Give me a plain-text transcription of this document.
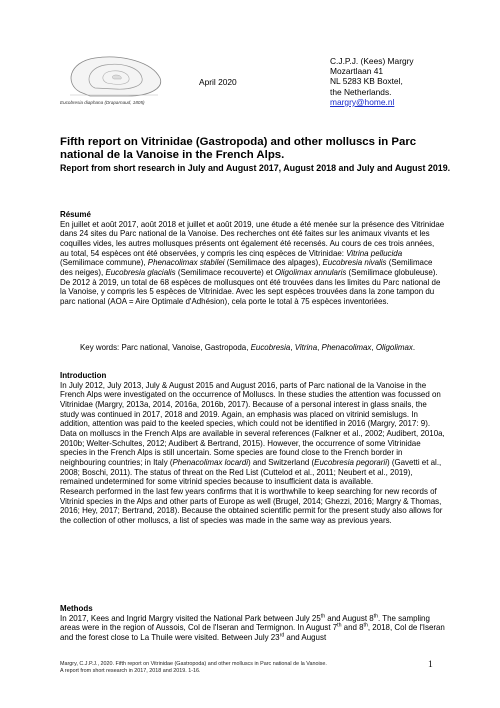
Eucobresia diaphana (Draparnaud, 1805)
April 2020
C.J.P.J. (Kees) Margry
Mozartlaan 41
NL 5283 KB Boxtel,
the Netherlands.
margry@home.nl
Fifth report on Vitrinidae (Gastropoda) and other molluscs in Parc national de la Vanoise in the French Alps.
Report from short research in July and August 2017, August 2018 and July and August 2019.

Résumé

En juillet et août 2017, août 2018 et juillet et août 2019, une étude a été menée sur la présence des Vitrinidae dans 24 sites du Parc national de la Vanoise. Des recherches ont été faites sur les animaux vivants et les coquilles vides, les autres mollusques présents ont également été recensés. Au cours de ces trois années, au total, 54 espèces ont été observées, y compris les cinq espèces de Vitrinidae: Vitrina pellucida (Semilimace commune), Phenacolimax stabilei (Semilimace des alpages), Eucobresia nivalis (Semilimace des neiges), Eucobresia glacialis (Semilimace recouverte) et Oligolimax annularis (Semilimace globuleuse).

De 2012 à 2019, un total de 68 espèces de mollusques ont été trouvées dans les limites du Parc national de la Vanoise, y compris les 5 espèces de Vitrinidae. Avec les sept espèces trouvées dans la zone tampon du parc national (AOA = Aire Optimale d'Adhésion), cela porte le total à 75 espèces inventoriées.

Key words: Parc national, Vanoise, Gastropoda, Eucobresia, Vitrina, Phenacolimax, Oligolimax.

Introduction

In July 2012, July 2013, July & August 2015 and August 2016, parts of Parc national de la Vanoise in the French Alps were investigated on the occurrence of Molluscs. In these studies the attention was focussed on Vitrinidae (Margry, 2013a, 2014, 2016a, 2016b, 2017). Because of a personal interest in glass snails, the study was continued in 2017, 2018 and 2019. Again, an emphasis was placed on vitrinid semislugs. In addition, attention was paid to the keeled species, which could not be identified in 2016 (Margry, 2017: 9).

Data on molluscs in the French Alps are available in several references (Falkner et al., 2002; Audibert, 2010a, 2010b; Welter-Schultes, 2012; Audibert & Bertrand, 2015). However, the occurrence of some Vitrinidae species in the French Alps is still uncertain. Some species are found close to the French border in neighbouring countries; in Italy (Phenacolimax locardi) and Switzerland (Eucobresia pegorarii) (Gavetti et al., 2008; Boschi, 2011). The status of threat on the Red List (Cuttelod et al., 2011; Neubert et al., 2019), remained undetermined for some vitrinid species because to insufficient data is available.

Research performed in the last few years confirms that it is worthwhile to keep searching for new records of Vitrinid species in the Alps and other parts of Europe as well (Brugel, 2014; Ghezzi, 2016; Margry & Thomas, 2016; Hey, 2017; Bertrand, 2018). Because the obtained scientific permit for the present study also allows for the collection of other molluscs, a list of species was made in the same way as previous years.

Methods

In 2017, Kees and Ingrid Margry visited the National Park between July 25th and August 8th. The sampling areas were in the region of Aussois, Col de l'Iseran and Termignon. In August 7th and 8th, 2018, Col de l'Iseran and the forest close to La Thuile were visited. Between July 23rd and August

Margry, C.J.P.J., 2020. Fifth report on Vitrinidae (Gastropoda) and other molluscs in Parc national de la Vanoise.
A report from short research in 2017, 2018 and 2019. 1-16.
1
